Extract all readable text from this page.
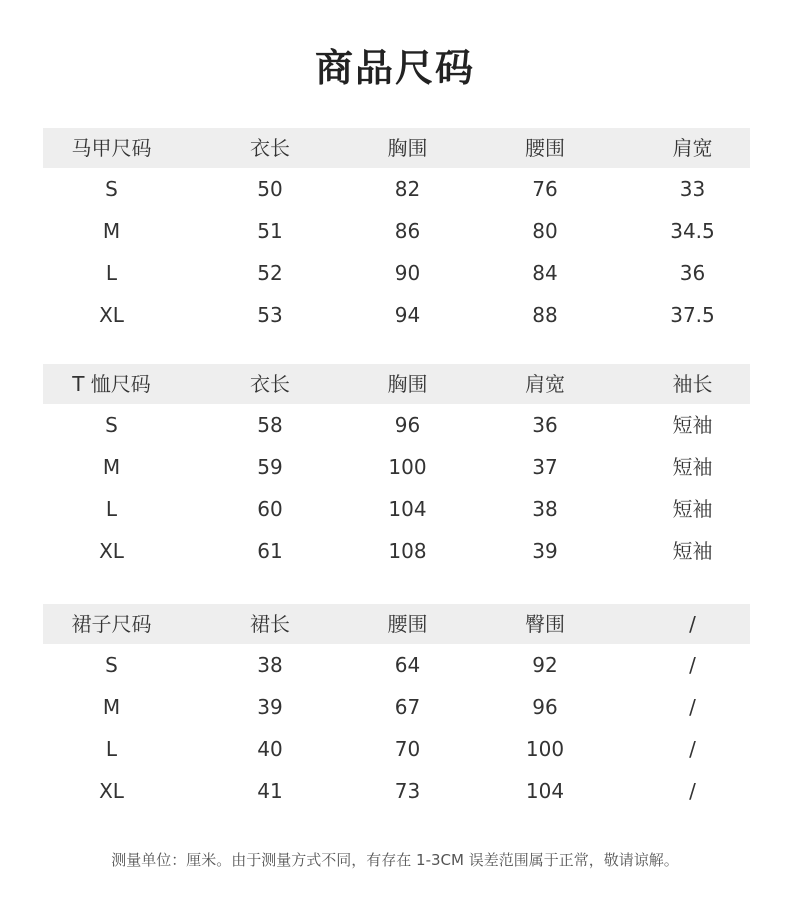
商品尺码
马甲尺码	衣长	胸围	腰围	肩宽
S	50	82	76	33
M	51	86	80	34.5
L	52	90	84	36
XL	53	94	88	37.5
T 恤尺码	衣长	胸围	肩宽	袖长
S	58	96	36	短袖
M	59	100	37	短袖
L	60	104	38	短袖
XL	61	108	39	短袖
裙子尺码	裙长	腰围	臀围	/
S	38	64	92	/
M	39	67	96	/
L	40	70	100	/
XL	41	73	104	/
测量单位：厘米。由于测量方式不同，有存在 1-3CM 误差范围属于正常，敬请谅解。
